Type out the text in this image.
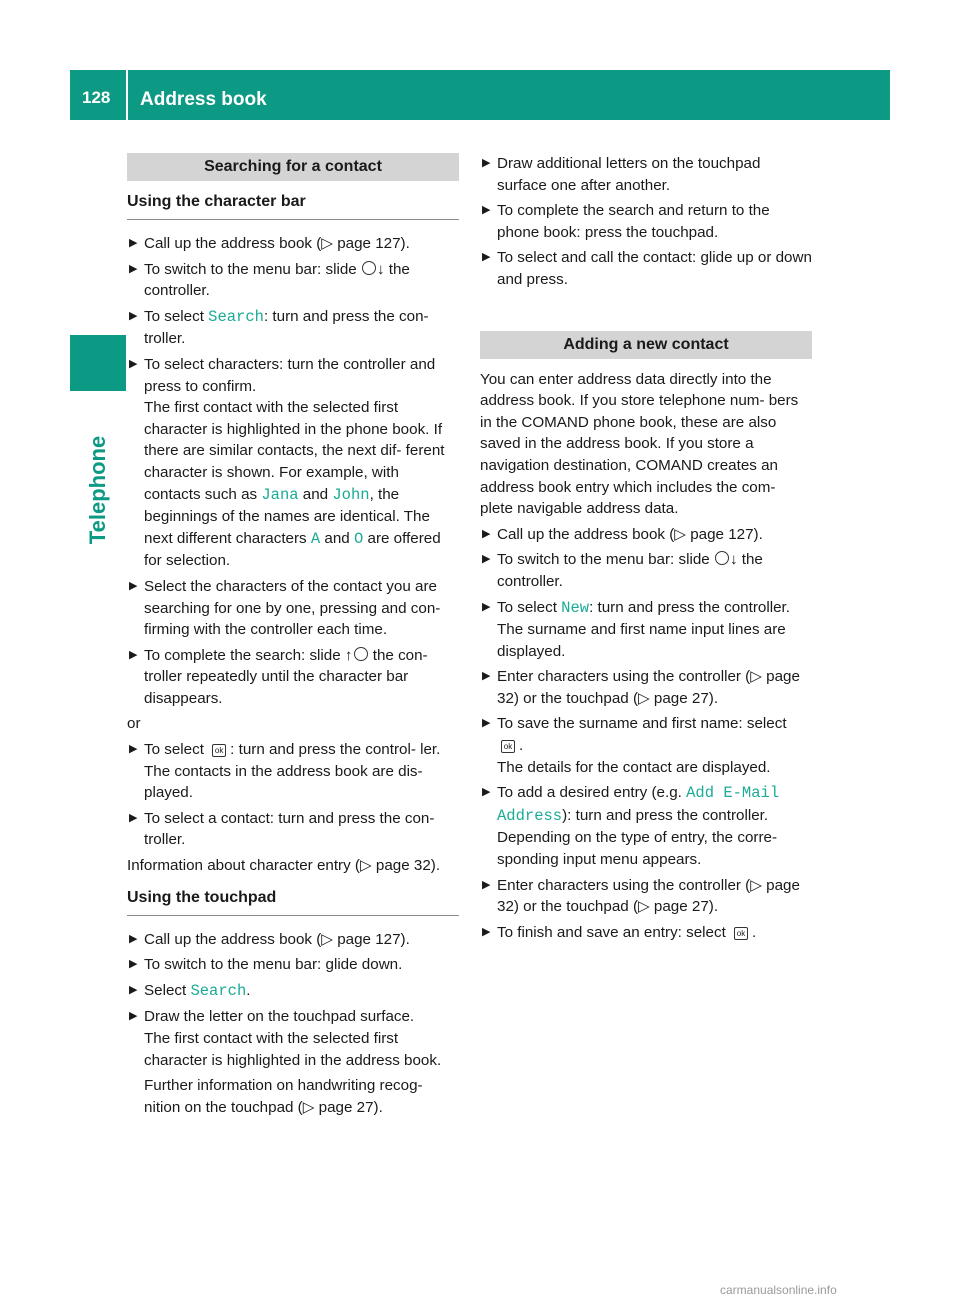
128 Address book
Telephone
Searching for a contact
Using the character bar
▶ Call up the address book (▷ page 127).
▶ To switch to the menu bar: slide ↓ the controller.
▶ To select Search: turn and press the con- troller.
▶ To select characters: turn the controller and press to confirm.
The first contact with the selected first character is highlighted in the phone book. If there are similar contacts, the next dif- ferent character is shown. For example, with contacts such as Jana and John, the beginnings of the names are identical. The next different characters A and O are offered for selection.
▶ Select the characters of the contact you are searching for one by one, pressing and con- firming with the controller each time.
▶ To complete the search: slide ↑ the con- troller repeatedly until the character bar disappears.
or
▶ To select ok : turn and press the control- ler.
The contacts in the address book are dis- played.
▶ To select a contact: turn and press the con- troller.
Information about character entry (▷ page 32).
Using the touchpad
▶ Call up the address book (▷ page 127).
▶ To switch to the menu bar: glide down.
▶ Select Search.
▶ Draw the letter on the touchpad surface.
The first contact with the selected first character is highlighted in the address book.
Further information on handwriting recog- nition on the touchpad (▷ page 27).
▶ Draw additional letters on the touchpad surface one after another.
▶ To complete the search and return to the phone book: press the touchpad.
▶ To select and call the contact: glide up or down and press.
Adding a new contact
You can enter address data directly into the address book. If you store telephone num- bers in the COMAND phone book, these are also saved in the address book. If you store a navigation destination, COMAND creates an address book entry which includes the com- plete navigable address data.
▶ Call up the address book (▷ page 127).
▶ To switch to the menu bar: slide ↓ the controller.
▶ To select New: turn and press the controller.
The surname and first name input lines are displayed.
▶ Enter characters using the controller (▷ page 32) or the touchpad (▷ page 27).
▶ To save the surname and first name: select
ok .
The details for the contact are displayed.
▶ To add a desired entry (e.g. Add E-Mail Address): turn and press the controller.
Depending on the type of entry, the corre- sponding input menu appears.
▶ Enter characters using the controller (▷ page 32) or the touchpad (▷ page 27).
▶ To finish and save an entry: select ok .
carmanualsonline.info
